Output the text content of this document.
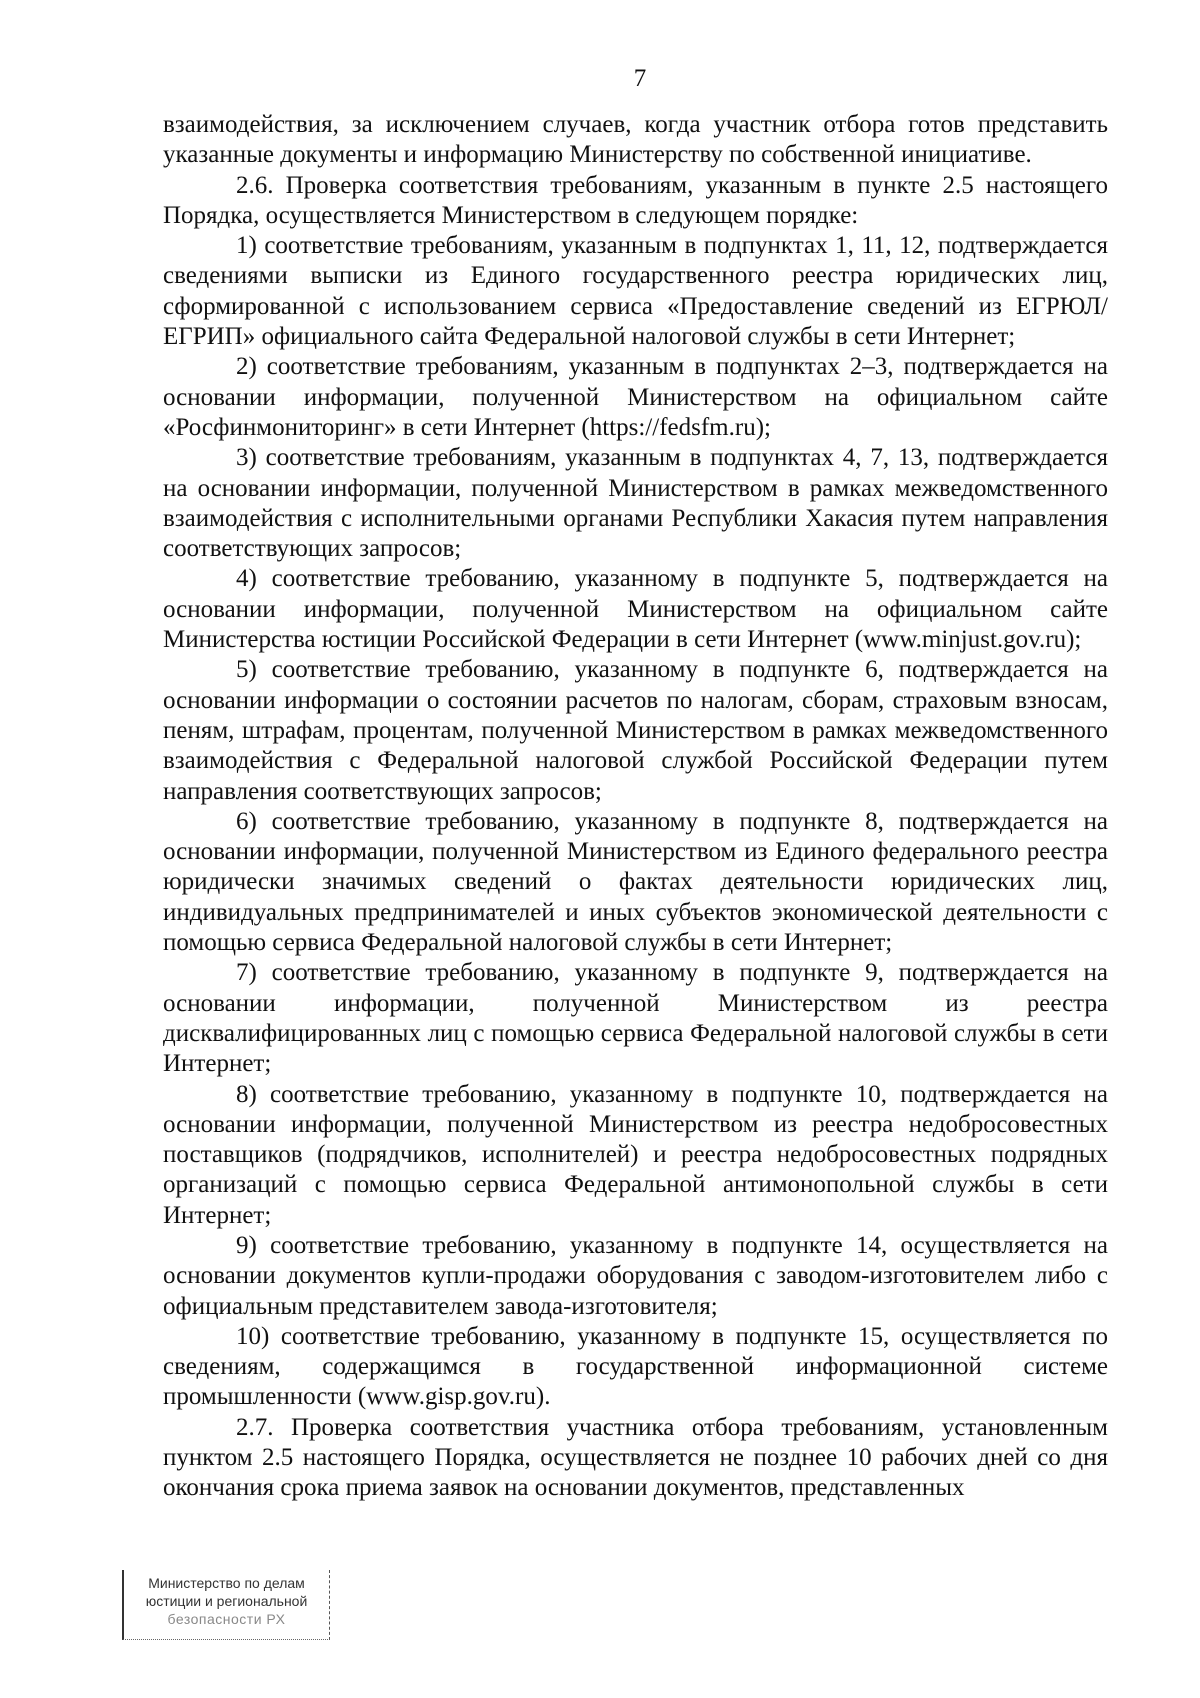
7

взаимодействия, за исключением случаев, когда участник отбора готов представить указанные документы и информацию Министерству по собственной инициативе.

2.6. Проверка соответствия требованиям, указанным в пункте 2.5 настоящего Порядка, осуществляется Министерством в следующем порядке:

1) соответствие требованиям, указанным в подпунктах 1, 11, 12, подтверждается сведениями выписки из Единого государственного реестра юридических лиц, сформированной с использованием сервиса «Предоставление сведений из ЕГРЮЛ/ЕГРИП» официального сайта Федеральной налоговой службы в сети Интернет;

2) соответствие требованиям, указанным в подпунктах 2–3, подтверждается на основании информации, полученной Министерством на официальном сайте «Росфинмониторинг» в сети Интернет (https://fedsfm.ru);

3) соответствие требованиям, указанным в подпунктах 4, 7, 13, подтверждается на основании информации, полученной Министерством в рамках межведомственного взаимодействия с исполнительными органами Республики Хакасия путем направления соответствующих запросов;

4) соответствие требованию, указанному в подпункте 5, подтверждается на основании информации, полученной Министерством на официальном сайте Министерства юстиции Российской Федерации в сети Интернет (www.minjust.gov.ru);

5) соответствие требованию, указанному в подпункте 6, подтверждается на основании информации о состоянии расчетов по налогам, сборам, страховым взносам, пеням, штрафам, процентам, полученной Министерством в рамках межведомственного взаимодействия с Федеральной налоговой службой Российской Федерации путем направления соответствующих запросов;

6) соответствие требованию, указанному в подпункте 8, подтверждается на основании информации, полученной Министерством из Единого федерального реестра юридически значимых сведений о фактах деятельности юридических лиц, индивидуальных предпринимателей и иных субъектов экономической деятельности с помощью сервиса Федеральной налоговой службы в сети Интернет;

7) соответствие требованию, указанному в подпункте 9, подтверждается на основании информации, полученной Министерством из реестра дисквалифицированных лиц с помощью сервиса Федеральной налоговой службы в сети Интернет;

8) соответствие требованию, указанному в подпункте 10, подтверждается на основании информации, полученной Министерством из реестра недобросовестных поставщиков (подрядчиков, исполнителей) и реестра недобросовестных подрядных организаций с помощью сервиса Федеральной антимонопольной службы в сети Интернет;

9) соответствие требованию, указанному в подпункте 14, осуществляется на основании документов купли-продажи оборудования с заводом-изготовителем либо с официальным представителем завода-изготовителя;

10) соответствие требованию, указанному в подпункте 15, осуществляется по сведениям, содержащимся в государственной информационной системе промышленности (www.gisp.gov.ru).

2.7. Проверка соответствия участника отбора требованиям, установленным пунктом 2.5 настоящего Порядка, осуществляется не позднее 10 рабочих дней со дня окончания срока приема заявок на основании документов, представленных

Министерство по делам
юстиции и региональной
безопасности РХ
